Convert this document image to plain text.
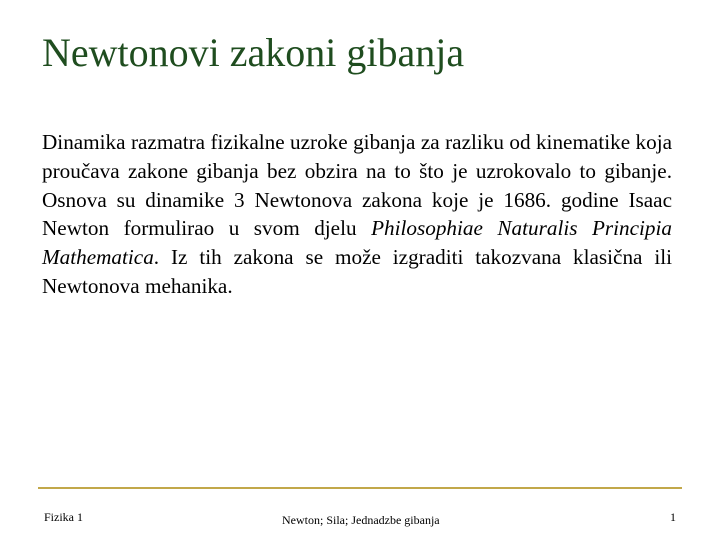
Newtonovi zakoni gibanja
Dinamika razmatra fizikalne uzroke gibanja za razliku od kinematike koja proučava zakone gibanja bez obzira na to što je uzrokovalo to gibanje. Osnova su dinamike 3 Newtonova zakona koje je 1686. godine Isaac Newton formulirao u svom djelu Philosophiae Naturalis Principia Mathematica. Iz tih zakona se može izgraditi takozvana klasična ili Newtonova mehanika.
Fizika 1	Newton; Sila; Jednadzbe gibanja	1
